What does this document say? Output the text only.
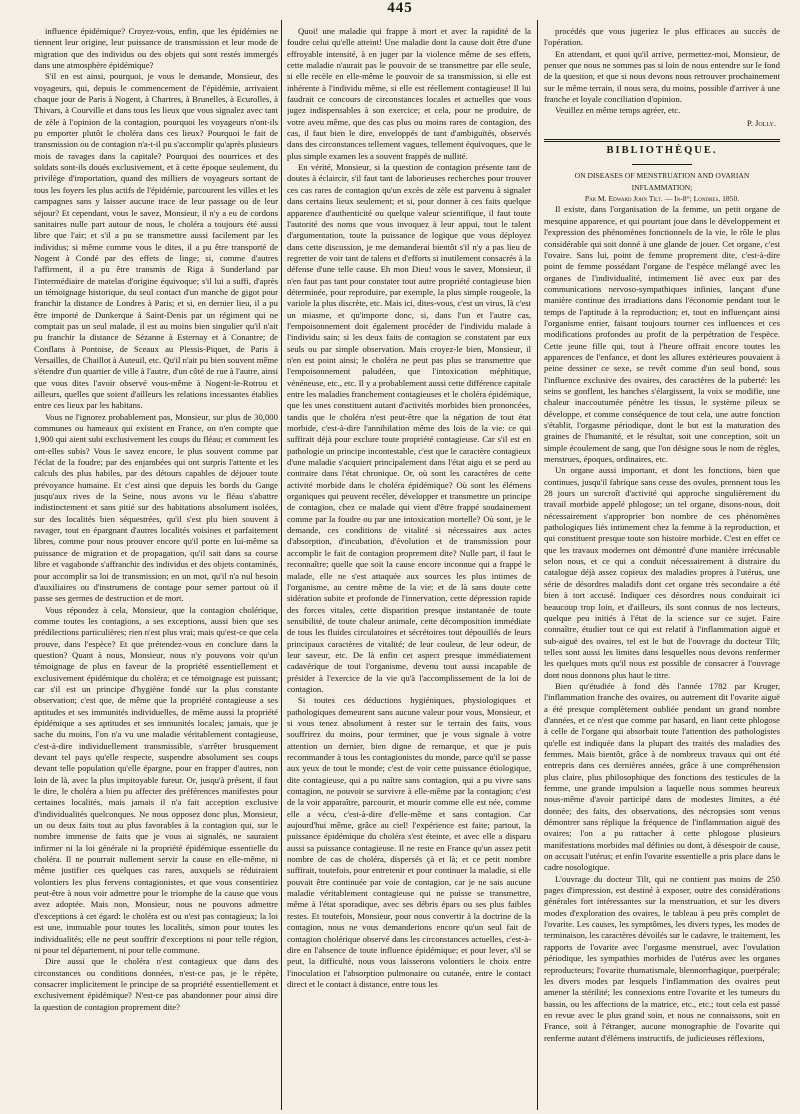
445

influence épidémique? Croyez-vous, enfin, que les épidémies ne tiennent leur origine, leur puissance de transmission et leur mode de migration que des individus ou des objets qui sont restés immergés dans une atmosphère épidémique?

S'il en est ainsi, pourquoi, je vous le demande, Monsieur, des voyageurs, qui, depuis le commencement de l'épidémie, arrivaient chaque jour de Paris à Nogent, à Chartres, à Brunelles, à Ecurolles, à Thivars, à Courville et dans tous les lieux que vous signalez avec tant de zèle à l'opinion de la contagion, pourquoi les voyageurs n'ont-ils pu emporter plutôt le choléra dans ces lieux? Pourquoi le fait de transmission ou de contagion n'a-t-il pu s'accomplir qu'après plusieurs mois de ravages dans la capitale? Pourquoi des nourrices et des soldats sont-ils doués exclusivement, et à cette époque seulement, du privilège d'importation, quand des milliers de voyageurs sortant de tous les foyers les plus actifs de l'épidémie, parcourent les villes et les campagnes sans y laisser aucune trace de leur passage ou de leur séjour? Et cependant, vous le savez, Monsieur, il n'y a eu de cordons sanitaires nulle part autour de nous, le choléra a toujours été aussi libre que l'air; et s'il a pu se transmettre aussi facilement par les individus; si même comme vous le dites, il a pu être transporté de Nogent à Condé par des effets de linge; si, comme d'autres l'affirment, il a pu être transmis de Riga à Sunderland par l'intermédiaire de matelas d'origine équivoque; s'il lui a suffi, d'après un témoignage historique, du seul contact d'un manche de gigot pour franchir la distance de Londres à Paris; et si, en dernier lieu, il a pu être importé de Dunkerque à Saint-Denis par un régiment qui ne comptait pas un seul malade, il est au moins bien singulier qu'il n'ait pu franchir la distance de Sézanne à Esternay et à Conantre; de Conflans à Pontoise, de Sceaux au Plessis-Piquet, de Paris à Versailles, de Chaillot à Auteuil, etc. Qu'il n'ait pu bien souvent même s'étendre d'un quartier de ville à l'autre, d'un côté de rue à l'autre, ainsi que vous dites l'avoir observé vous-même à Nogent-le-Rotrou et ailleurs, quelles que soient d'ailleurs les relations incessantes établies entre ces lieux par les habitans.

Vous ne l'ignorez probablement pas, Monsieur, sur plus de 30,000 communes ou hameaux qui existent en France, on n'en compte que 1,900 qui aient subi exclusivement les coups du fléau; et comment les ont-elles subis? Vous le savez encore, le plus souvent comme par l'éclat de la foudre; par des enjambées qui ont surpris l'attente et les calculs des plus habiles, par des détours capables de déjouer toute prévoyance humaine. Et c'est ainsi que depuis les bords du Gange jusqu'aux rives de la Seine, nous avons vu le fléau s'abattre indistinctement et sans pitié sur des habitations absolument isolées, sur des localités bien séquestrées, qu'il s'est plu bien souvent à ravager, tout en épargnant d'autres localités voisines et parfaitement libres, comme pour nous prouver encore qu'il porte en lui-même sa puissance de migration et de propagation, qu'il sait dans sa course libre et vagabonde s'affranchir des individus et des objets contaminés, pour accomplir sa loi de transmission; en un mot, qu'il n'a nul besoin d'auxiliaires ou d'instrumens de contage pour semer partout où il passe ses germes de destruction et de mort.

Vous répondez à cela, Monsieur, que la contagion cholérique, comme toutes les contagions, a ses exceptions, aussi bien que ses prédilections particulières; rien n'est plus vrai; mais qu'est-ce que cela prouve, dans l'espèce? Et que prétendez-vous en conclure dans la question? Quant à nous, Monsieur, nous n'y pouvons voir qu'un témoignage de plus en faveur de la propriété essentiellement et exclusivement épidémique du choléra; et ce témoignage est puissant; car s'il est un principe d'hygiène fondé sur la plus constante observation; c'est que, de même que la propriété contagieuse a ses aptitudes et ses immunités individuelles, de même aussi la propriété épidémique a ses aptitudes et ses immunités locales; jamais, que je sache du moins, l'on n'a vu une maladie véritablement contagieuse, c'est-à-dire individuellement transmissible, s'arrêter brusquement devant tel pays qu'elle respecte, suspendre absolument ses coups devant telle population qu'elle épargne, pour en frapper d'autres, non loin de là, avec la plus impitoyable fureur. Or, jusqu'à présent, il faut le dire, le choléra a bien pu affecter des préférences manifestes pour certaines localités, mais jamais il n'a fait acception exclusive d'individualités quelconques. Ne nous opposez donc plus, Monsieur, un ou deux faits tout au plus favorables à la contagion qui, sur le nombre immense de faits que je vous ai signalés, ne sauraient infirmer ni la loi générale ni la propriété épidémique essentielle du choléra. Il ne pourrait nullement servir la cause en elle-même, ni même justifier ces quelques cas rares, auxquels se réduiraient volontiers les plus fervens contagionistes, et que vous consentiriez peut-être à nous voir admettre pour le triomphe de la cause que vous avez adoptée. Mais non, Monsieur, nous ne pouvons admettre d'exceptions à cet égard: le choléra est ou n'est pas contagieux; la loi est une, immuable pour toutes les localités, simon pour toutes les individualités; elle ne peut souffrir d'exceptions ni pour telle région, ni pour tel département, ni pour telle commune.

Dire aussi que le choléra n'est contagieux que dans des circonstances ou conditions données, n'est-ce pas, je le répète, consacrer implicitement le principe de sa propriété essentiellement et exclusivement épidémique? N'est-ce pas abandonner pour ainsi dire la question de contagion proprement dite?

Quoi! une maladie qui frappe à mort et avec la rapidité de la foudre celui qu'elle atteint! Une maladie dont la cause doit être d'une effroyable intensité, à en juger par la violence même de ses effets, cette maladie n'aurait pas le pouvoir de se transmettre par elle seule, si elle recèle en elle-même le pouvoir de sa transmission, si elle est inhérente à l'individu même, si elle est réellement contagieuse! Il lui faudrait ce concours de circonstances locales et actuelles que vous jugez indispensables à son exercice; et cela, pour ne produire, de votre aveu même, que des cas plus ou moins rares de contagion, des cas, il faut bien le dire, enveloppés de tant d'ambiguïtés, observés dans des circonstances tellement vagues, tellement équivoques, que le plus simple examen les a souvent frappés de nullité.

En vérité, Monsieur, si la question de contagion présente tant de doutes à éclaircir, s'il faut tant de laborieuses recherches pour trouver ces cas rares de contagion qu'un excès de zèle est parvenu à signaler dans certains lieux seulement; et si, pour donner à ces faits quelque apparence d'authenticité ou quelque valeur scientifique, il faut toute l'autorité des noms que vous invoquez à leur appui, tout le talent d'argumentation, toute la puissance de logique que vous déployez dans cette discussion, je me demanderai bientôt s'il n'y a pas lieu de regretter de voir tant de talens et d'efforts si inutilement consacrés à la défense d'une telle cause. Eh mon Dieu! vous le savez, Monsieur, il n'en faut pas tant pour constater tout autre propriété contagieuse bien déterminée, pour reproduire, par exemple, la plus simple rougeole, la variole la plus discrète, etc. Mais ici, dites-vous, c'est un virus, là c'est un miasme, et qu'importe donc, si, dans l'un et l'autre cas, l'empoisonnement doit également procéder de l'individu malade à l'individu sain; si les deux faits de contagion se constatent par eux seuls ou par simple observation. Mais croyez-le bien, Monsieur, il n'en est point ainsi; le choléra ne peut pas plus se transmettre que l'empoisonnement paludéen, que l'intoxication méphitique, vénéneuse, etc., etc. Il y a probablement aussi cette différence capitale entre les maladies franchement contagieuses et le choléra épidémique, que les unes constituent autant d'activités morbides bien prononcées, tandis que le choléra n'est peut-être que la négation de tout état morbide, c'est-à-dire l'annihilation même des lois de la vie: ce qui suffirait déjà pour exclure toute propriété contagieuse. Car s'il est en pathologie un principe incontestable, c'est que le caractère contagieux d'une maladie s'acquiert principalement dans l'état aigu et se perd au contraire dans l'état chronique. Or, où sont les caractères de cette activité morbide dans le choléra épidémique? Où sont les élémens organiques qui peuvent recéler, développer et transmettre un principe de contagion, chez ce malade qui vient d'être frappé soudainement comme par la foudre ou par une intoxication mortelle? Où sont, je le demande, ces conditions de vitalité si nécessaires aux actes d'absorption, d'incubation, d'évolution et de transmission pour accomplir le fait de contagion proprement dite? Nulle part, il faut le reconnaître; quelle que soit la cause encore inconnue qui a frappé le malade, elle ne s'est attaquée aux sources les plus intimes de l'organisme, au centre même de la vie; et de là sans doute cette sidération subite et profonde de l'innervation, cette dépression rapide des forces vitales, cette disparition presque instantanée de toute sensibilité, de toute chaleur animale, cette décomposition immédiate de tous les fluides circulatoires et sécrétoires tout dépouillés de leurs principaux caractères de vitalité; de leur couleur, de leur odeur, de leur saveur, etc. De là enfin cet aspect presque immédiatement cadavérique de tout l'organisme, devenu tout aussi incapable de présider à l'exercice de la vie qu'à l'accomplissement de la loi de contagion.

Si toutes ces déductions hygiéniques, physiologiques et pathologiques demeurent sans aucune valeur pour vous, Monsieur, et si vous tenez absolument à rester sur le terrain des faits, vous souffrirez du moins, pour terminer, que je vous signale à votre attention un dernier, bien digne de remarque, et que je puis recommander à tous les contagionistes du monde, parce qu'il se passe aux yeux de tout le monde; c'est de voir cette puissance étiologique, dite contagieuse, qui a pu naître sans contagion, qui a pu vivre sans contagion, ne pouvoir se survivre à elle-même par la contagion; c'est de la voir apparaître, parcourir, et mourir comme elle est née, comme elle a vécu, c'est-à-dire d'elle-même et sans contagion. Car aujourd'hui même, grâce au ciel! l'expérience est faite; partout, la puissance épidémique du choléra s'est éteinte, et avec elle a disparu aussi sa puissance contagieuse. Il ne reste en France qu'un assez petit nombre de cas de choléra, dispersés çà et là; et ce petit nombre suffirait, toutefois, pour entretenir et pour continuer la maladie, si elle pouvait être continuée par voie de contagion, car je ne sais aucune maladie véritablement contagieuse qui ne puisse se transmettre, même à l'état sporadique, avec ses débris épars ou ses plus faibles restes. Et toutefois, Monsieur, pour nous convertir à la doctrine de la contagion, nous ne vous demanderions encore qu'un seul fait de contagion cholérique observé dans les circonstances actuelles, c'est-à-dire en l'absence de toute influence épidémique; et pour lever, s'il se peut, la difficulté, nous vous laisserons volontiers le choix entre l'inoculation et l'absorption pulmonaire ou cutanée, entre le contact direct et le contact à distance, entre tous les

procédés que vous jugeriez le plus efficaces au succès de l'opération.

En attendant, et quoi qu'il arrive, permettez-moi, Monsieur, de penser que nous ne sommes pas si loin de nous entendre sur le fond de la question, et que si nous devons nous retrouver prochainement sur le même terrain, il nous sera, du moins, possible d'arriver à une franche et loyale conciliation d'opinion.

Veuillez en même temps agréer, etc.

P. Jolly.
BIBLIOTHÈQUE.

ON DISEASES OF MENSTRUATION AND OVARIAN INFLAMMATION;
Par M. Edward John Tilt. — In-8°; Londres, 1850.

Il existe, dans l'organisation de la femme, un petit organe de mesquine apparence, et qui pourtant joue dans le développement et l'expression des phénomènes fonctionnels de la vie, le rôle le plus considérable qui soit donné à une glande de jouer. Cet organe, c'est l'ovaire. Sans lui, point de femme proprement dite, c'est-à-dire point de femme possédant l'organe de l'espèce mélangé avec les organes de l'individualité, intimement lié avec eux par des communications nervoso-sympathiques infinies, lançant d'une manière continue des irradiations dans l'économie pendant tout le temps de l'aptitude à la reproduction; et, tout en influençant ainsi l'organisme entier, faisant toujours tourner ces influences et ces modifications profondes au profit de la perpétration de l'espèce. Cette jeune fille qui, tout à l'heure offrait encore toutes les apparences de l'enfance, et dont les allures extérieures pouvaient à peine dessiner ce sexe, se revêt comme d'un seul bond, sous l'influence exclusive des ovaires, des caractères de la puberté: les seins se gonflent, les hanches s'élargissent, la voix se modifie, une chaleur inaccoutumée pénètre les tissus, le système pileux se développe, et comme conséquence de tout cela, une autre fonction s'établit, l'orgasme périodique, dont le but est la maturation des graines de l'humanité, et le résultat, soit une conception, soit un simple écoulement de sang, que l'on désigne sous le nom de règles, menstrues, époques, ordinaires, etc.

Un organe aussi important, et dont les fonctions, bien que continues, jusqu'il fabrique sans cesse des ovules, prennent tous les 28 jours un surcroît d'activité qui approche singulièrement du travail morbide appelé phlogose; un tel organe, disons-nous, doit nécessairement s'approprier bon nombre de ces phénomènes pathologiques liés intimement chez la femme à la reproduction, et qui constituent presque toute son histoire morbide. C'est en effet ce que les travaux modernes ont démontré d'une manière irrécusable selon nous, et ce qui a conduit nécessairement à distraire du catalogue déjà assez copieux des maladies propres à l'utérus, une série de désordres maladifs dont cet organe très secondaire a été bien à tort accusé. Indiquer ces désordres nous conduirait ici beaucoup trop loin, et d'ailleurs, ils sont connus de nos lecteurs, quelque peu initiés à l'état de la science sur ce sujet. Faire connaître, étudier tout ce qui est relatif à l'inflammation aiguë et sub-aiguë des ovaires, tel est le but de l'ouvrage du docteur Tilt; telles sont aussi les limites dans lesquelles nous devons renfermer les quelques mots qu'il nous est possible de consacrer à l'ouvrage dont nous donnons plus haut le titre.

Bien qu'étudiée à fond dès l'année 1782 par Kruger, l'inflammation franche des ovaires, ou autrement dit l'ovarite aiguë a été presque complètement oubliée pendant un grand nombre d'années, et ce n'est que comme par hasard, en liant cette phlogose à celle de l'organe qui absorbait toute l'attention des pathologistes qu'elle est indiquée dans la plupart des traités des maladies des femmes. Mais bientôt, grâce à de nombreux travaux qui ont été entrepris dans ces dernières années, grâce à une compréhension plus claire, plus philosophique des fonctions des testicules de la femme, une grande impulsion a laquelle nous sommes heureux nous-même d'avoir participé dans de modestes limites, a été donnée; des faits, des observations, des nécropsies sont venus démontrer sans réplique la fréquence de l'inflammation aiguë des ovaires; l'on a pu rattacher à cette phlogose plusieurs manifestations morbides mal définies ou dont, à désespoir de cause, on accusait l'utérus; et enfin l'ovarite essentielle a pris place dans le cadre nosologique.

L'ouvrage du docteur Tilt, qui ne contient pas moins de 250 pages d'impression, est destiné à exposer, outre des considérations générales fort intéressantes sur la menstruation, et sur les divers modes d'exploration des ovaires, le tableau à peu près complet de l'ovarite. Les causes, les symptômes, les divers types, les modes de terminaison, les caractères dévoilés sur le cadavre, le traitement, les rapports de l'ovarite avec l'orgasme menstruel, avec l'ovulation périodique, les sympathies morbides de l'utérus avec les organes reproducteurs; l'ovarite rhumatismale, blennorrhagique, puerpérale; les divers modes par lesquels l'inflammation des ovaires peut amener la stérilité; les connexions entre l'ovarite et les tumeurs du bassin, ou les affections de la matrice, etc., etc.; tout cela est passé en revue avec le plus grand soin, et nous ne connaissons, soit en France, soit à l'étranger, aucune monographie de l'ovarite qui renferme autant d'élémens instructifs, de judicieuses réflexions,
